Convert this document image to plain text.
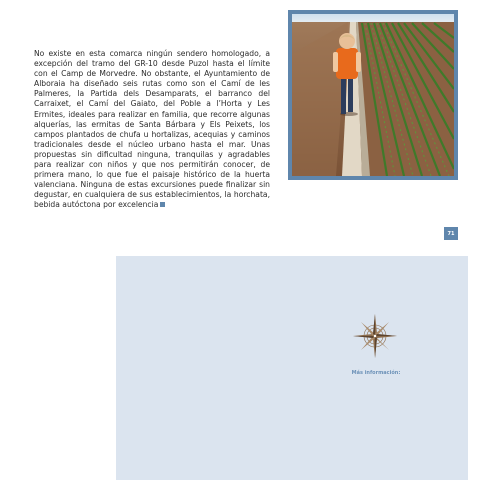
No existe en esta comarca ningún sendero homologado, a excepción del tramo del GR-10 desde Puzol hasta el límite con el Camp de Morvedre. No obstante, el Ayuntamiento de Alboraia ha diseñado seis rutas como son el Camí de les Palmeres, la Partida dels Desamparats, el barranco del Carraixet, el Camí del Gaiato, del Poble a l’Horta y Les Ermites, ideales para realizar en familia, que recorre algunas alquerías, las ermitas de Santa Bárbara y Els Peixets, los campos plantados de chufa u hortalizas, acequias y caminos tradicionales desde el núcleo urbano hasta el mar. Unas propuestas sin dificultad ninguna, tranquilas y agradables para realizar con niños y que nos permitirán conocer, de primera mano, lo que fue el paisaje histórico de la huerta valenciana. Ninguna de estas excursiones puede finalizar sin degustar, en cualquiera de sus establecimientos, la horchata, bebida autóctona por excelencia

71
Más información:
